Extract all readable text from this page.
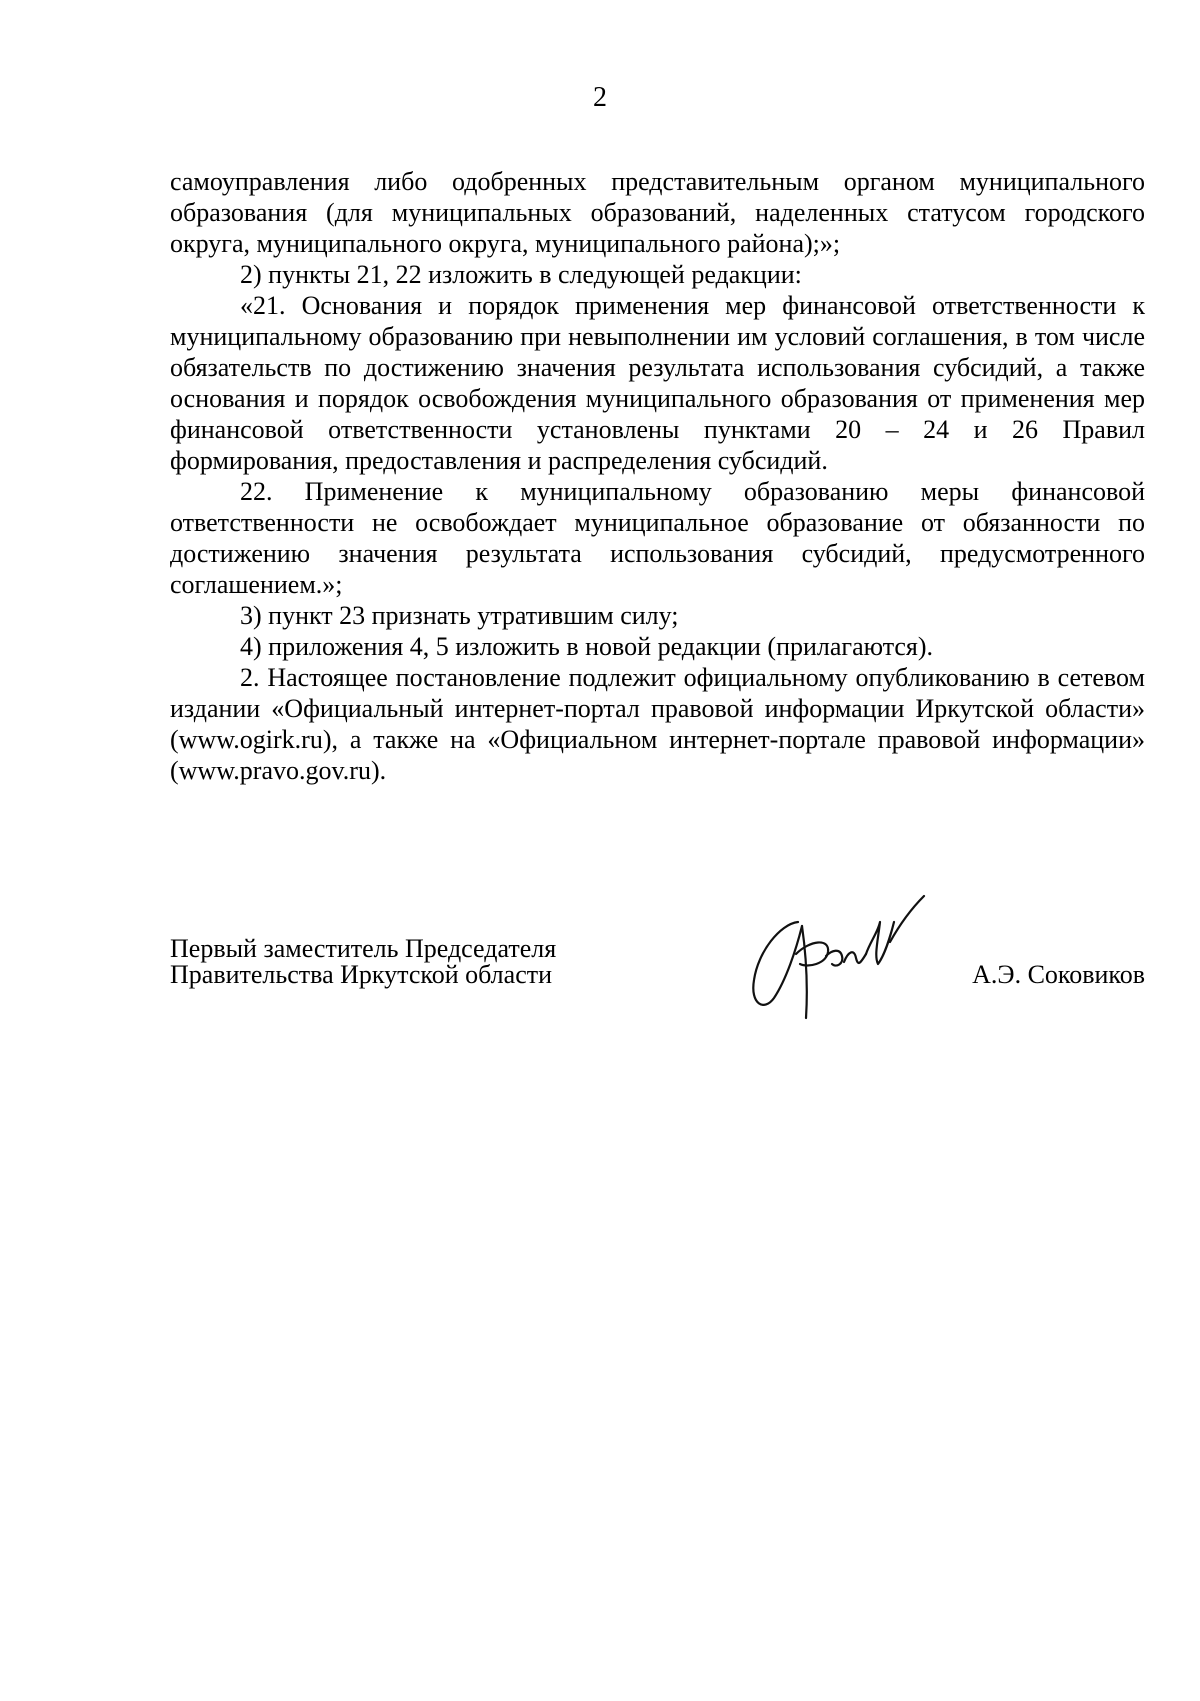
2

самоуправления либо одобренных представительным органом муниципального образования (для муниципальных образований, наделенных статусом городского округа, муниципального округа, муниципального района);»;

2) пункты 21, 22 изложить в следующей редакции:

«21. Основания и порядок применения мер финансовой ответственности к муниципальному образованию при невыполнении им условий соглашения, в том числе обязательств по достижению значения результата использования субсидий, а также основания и порядок освобождения муниципального образования от применения мер финансовой ответственности установлены пунктами 20 – 24 и 26 Правил формирования, предоставления и распределения субсидий.

22. Применение к муниципальному образованию меры финансовой ответственности не освобождает муниципальное образование от обязанности по достижению значения результата использования субсидий, предусмотренного соглашением.»;

3) пункт 23 признать утратившим силу;

4) приложения 4, 5 изложить в новой редакции (прилагаются).

2. Настоящее постановление подлежит официальному опубликованию в сетевом издании «Официальный интернет-портал правовой информации Иркутской области» (www.ogirk.ru), а также на «Официальном интернет-портале правовой информации» (www.pravo.gov.ru).

Первый заместитель Председателя
Правительства Иркутской области	А.Э. Соковиков
